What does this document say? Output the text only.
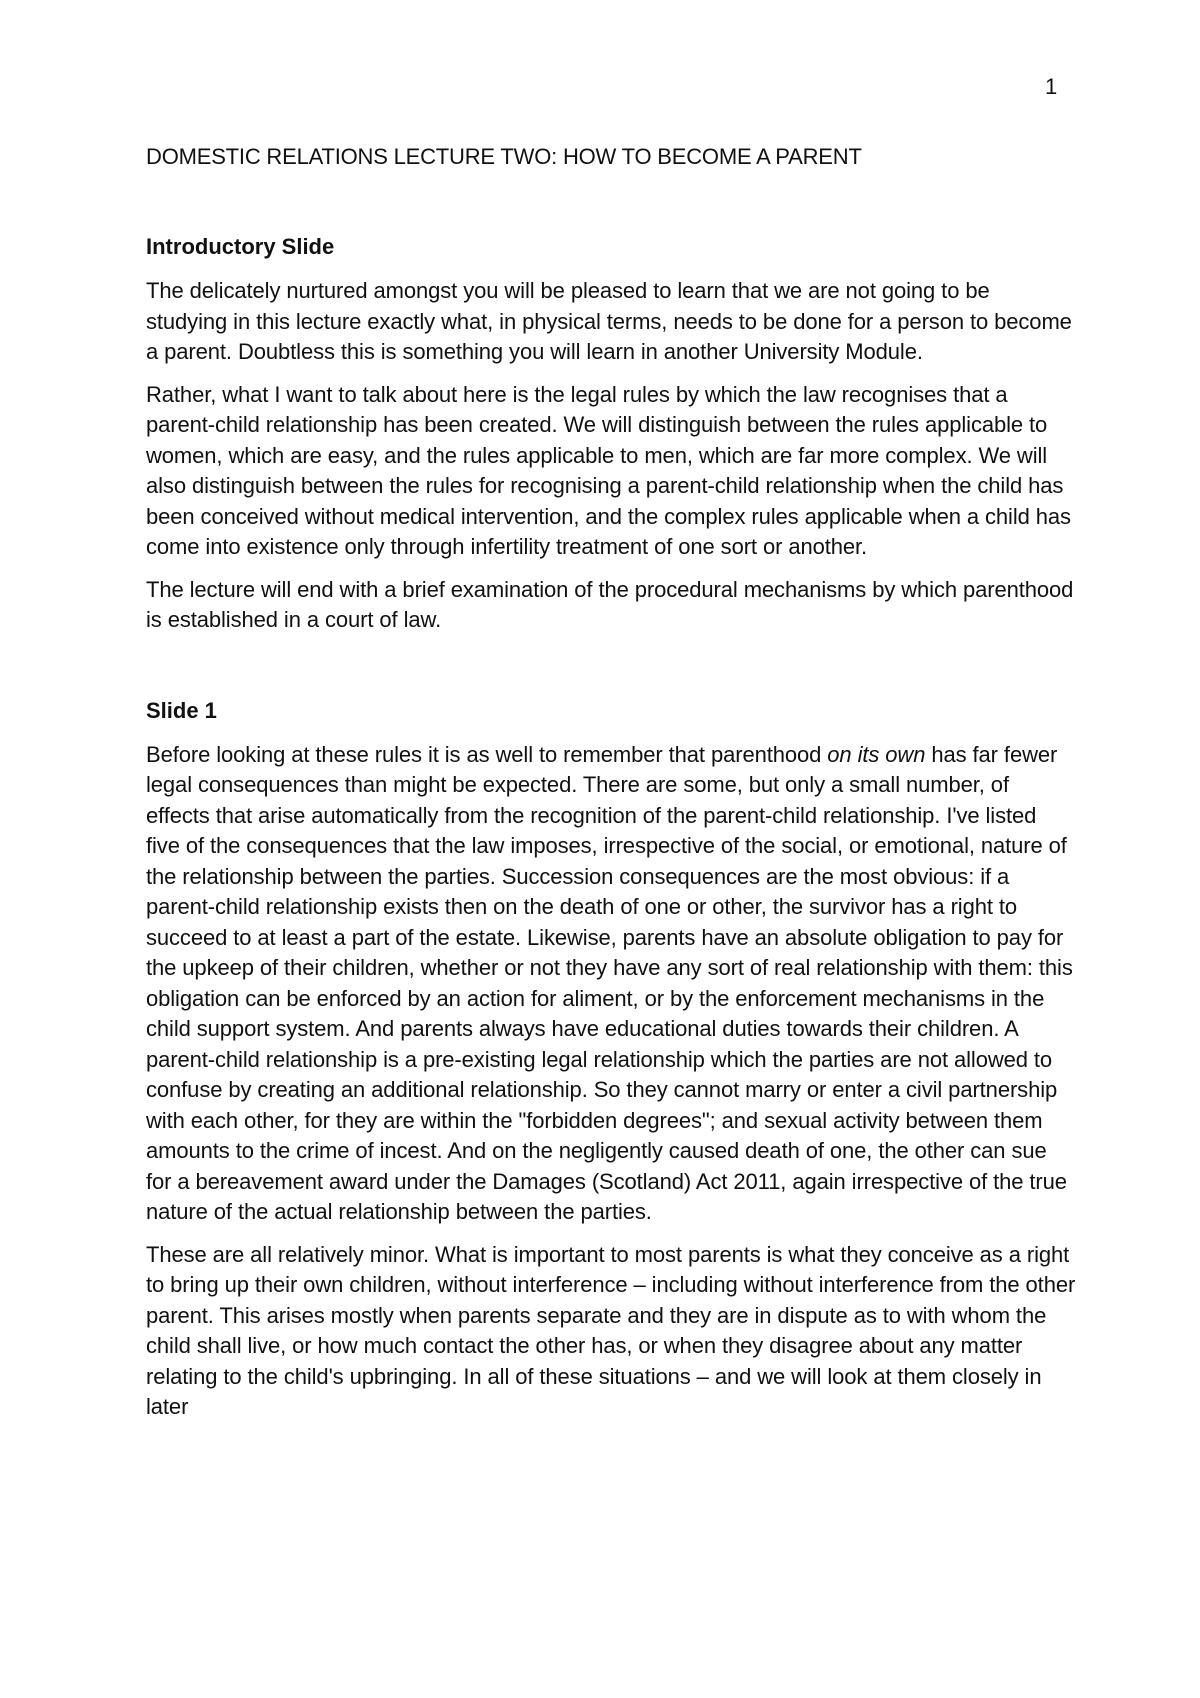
1
DOMESTIC RELATIONS LECTURE TWO: HOW TO BECOME A PARENT
Introductory Slide

The delicately nurtured amongst you will be pleased to learn that we are not going to be studying in this lecture exactly what, in physical terms, needs to be done for a person to become a parent. Doubtless this is something you will learn in another University Module.

Rather, what I want to talk about here is the legal rules by which the law recognises that a parent-child relationship has been created. We will distinguish between the rules applicable to women, which are easy, and the rules applicable to men, which are far more complex. We will also distinguish between the rules for recognising a parent-child relationship when the child has been conceived without medical intervention, and the complex rules applicable when a child has come into existence only through infertility treatment of one sort or another.

The lecture will end with a brief examination of the procedural mechanisms by which parenthood is established in a court of law.

Slide 1

Before looking at these rules it is as well to remember that parenthood on its own has far fewer legal consequences than might be expected. There are some, but only a small number, of effects that arise automatically from the recognition of the parent-child relationship. I've listed five of the consequences that the law imposes, irrespective of the social, or emotional, nature of the relationship between the parties. Succession consequences are the most obvious: if a parent-child relationship exists then on the death of one or other, the survivor has a right to succeed to at least a part of the estate. Likewise, parents have an absolute obligation to pay for the upkeep of their children, whether or not they have any sort of real relationship with them: this obligation can be enforced by an action for aliment, or by the enforcement mechanisms in the child support system. And parents always have educational duties towards their children. A parent-child relationship is a pre-existing legal relationship which the parties are not allowed to confuse by creating an additional relationship. So they cannot marry or enter a civil partnership with each other, for they are within the "forbidden degrees"; and sexual activity between them amounts to the crime of incest. And on the negligently caused death of one, the other can sue for a bereavement award under the Damages (Scotland) Act 2011, again irrespective of the true nature of the actual relationship between the parties.

These are all relatively minor. What is important to most parents is what they conceive as a right to bring up their own children, without interference – including without interference from the other parent. This arises mostly when parents separate and they are in dispute as to with whom the child shall live, or how much contact the other has, or when they disagree about any matter relating to the child's upbringing. In all of these situations – and we will look at them closely in later
